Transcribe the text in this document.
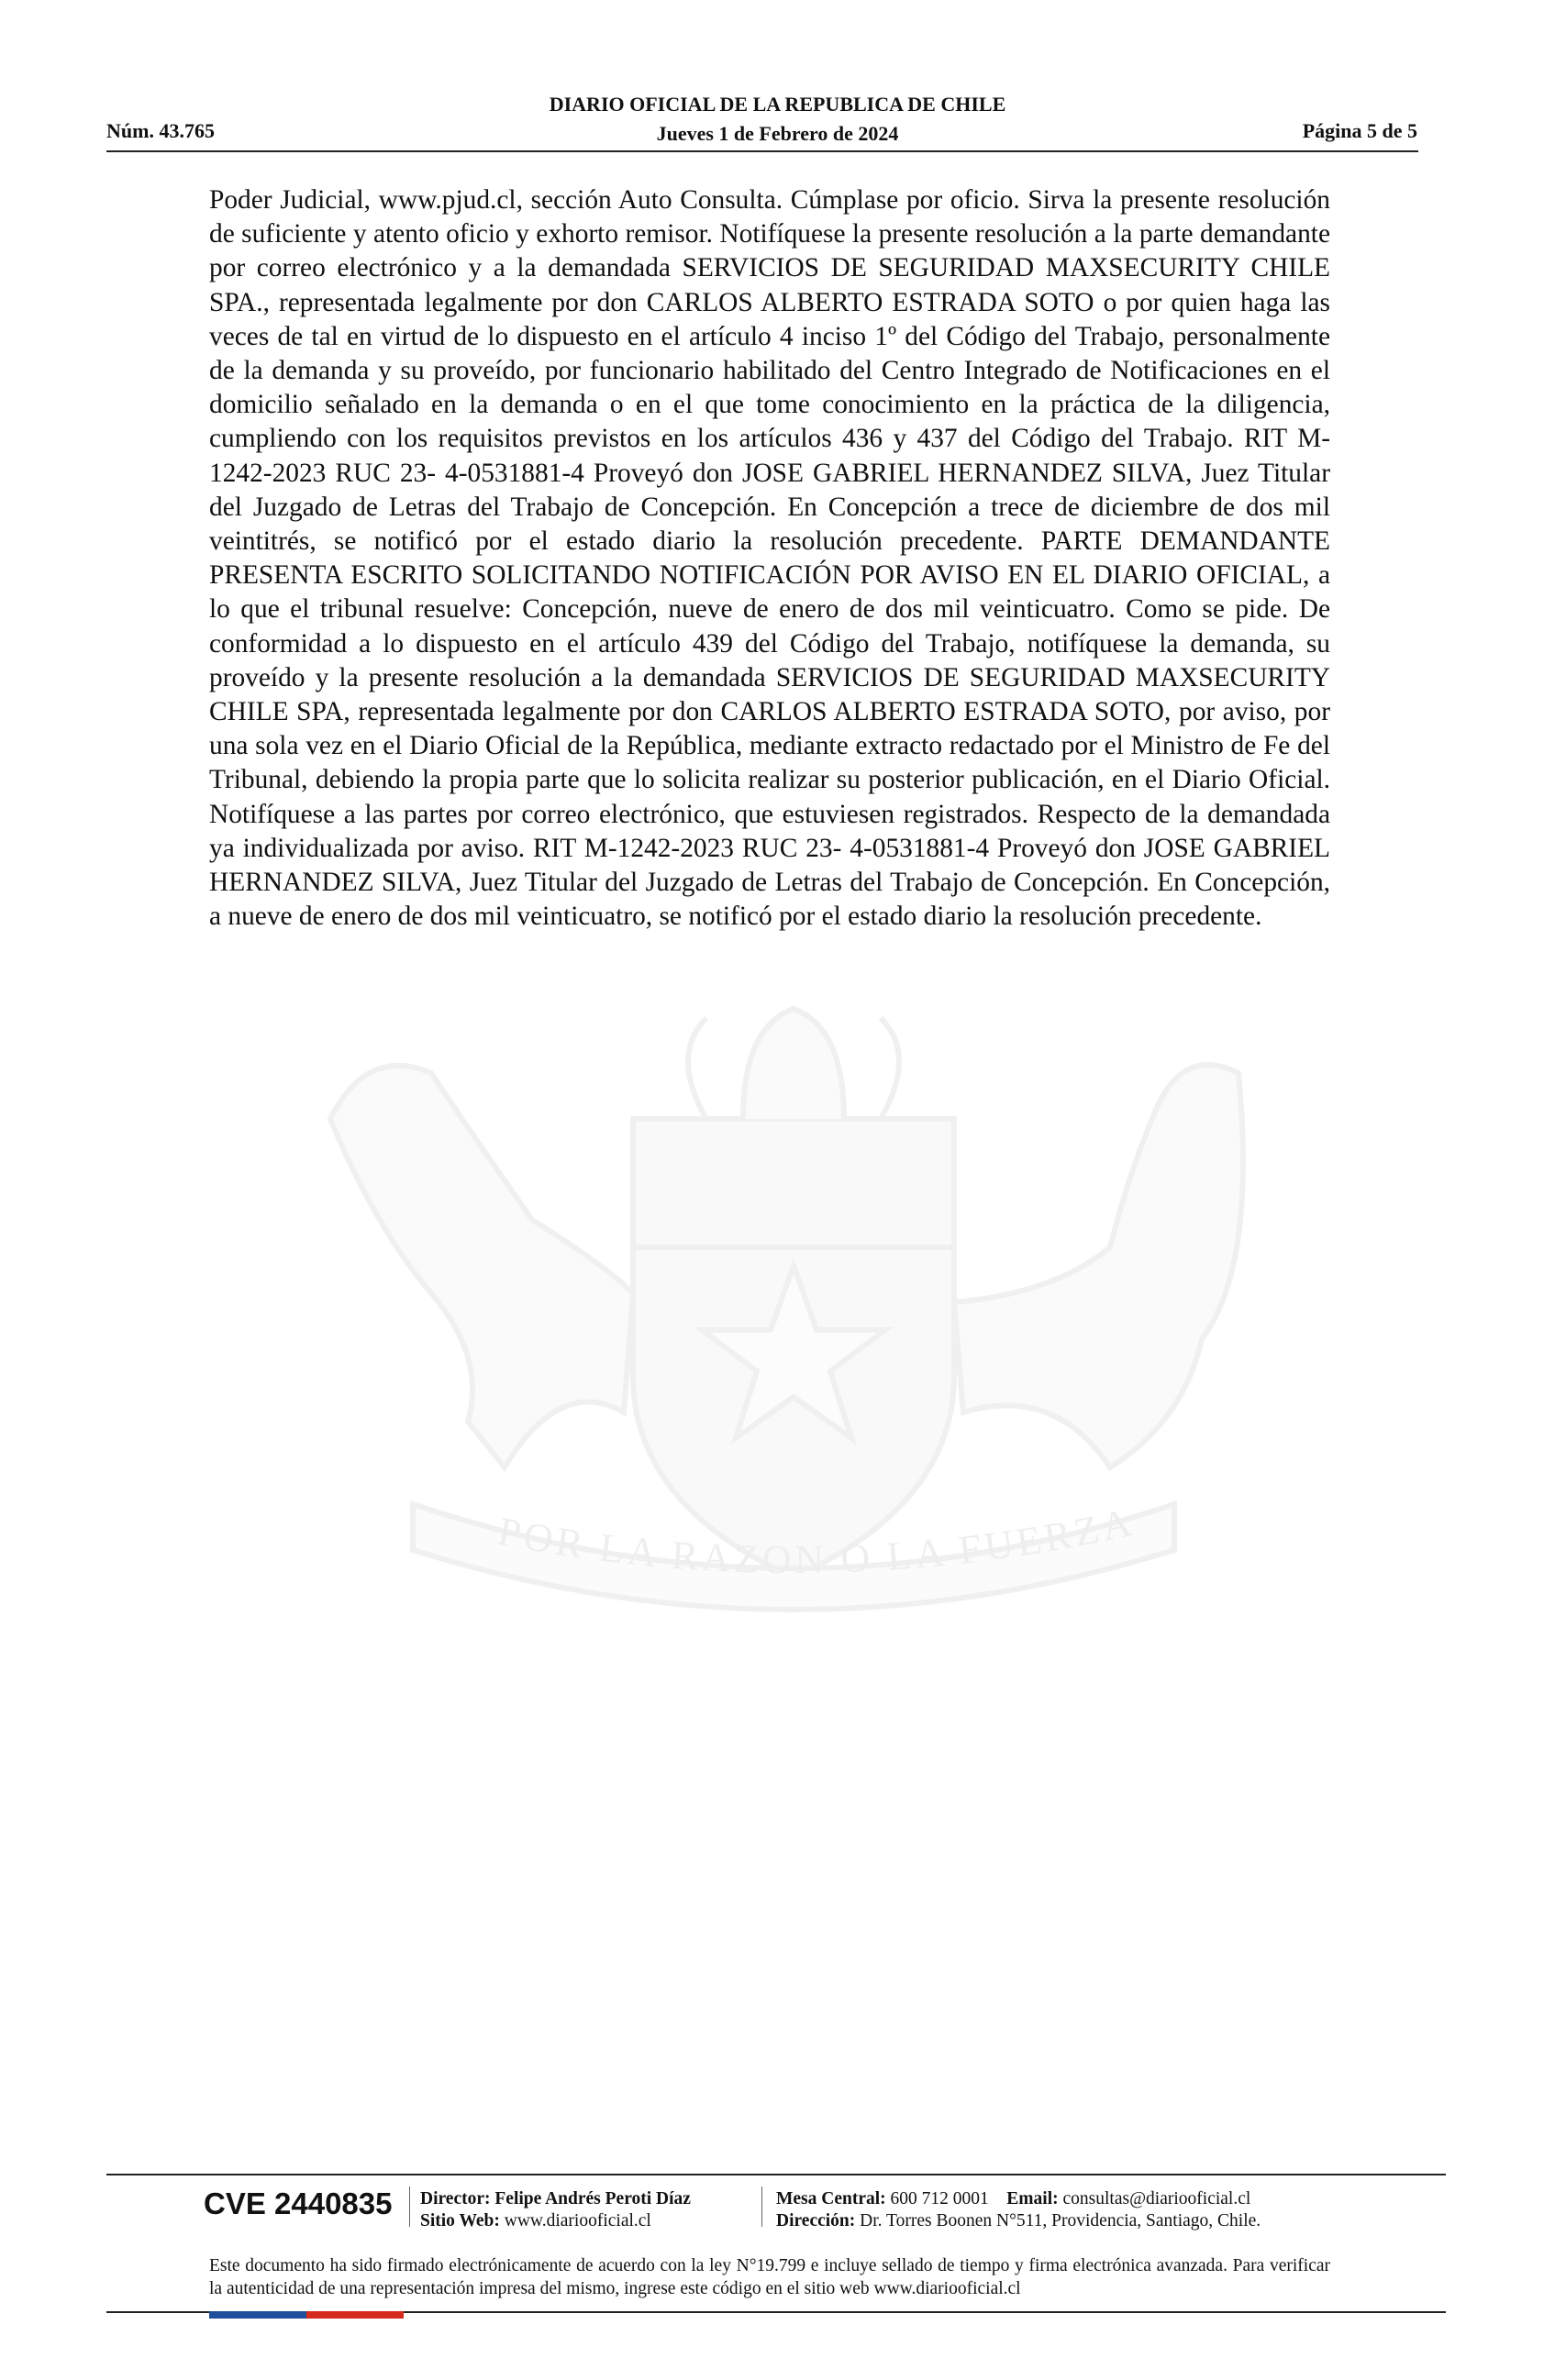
Núm. 43.765
DIARIO OFICIAL DE LA REPUBLICA DE CHILE
Jueves 1 de Febrero de 2024	Página 5 de 5
POR LA RAZON O LA FUERZA
Poder Judicial, www.pjud.cl, sección Auto Consulta. Cúmplase por oficio. Sirva la presente resolución de suficiente y atento oficio y exhorto remisor. Notifíquese la presente resolución a la parte demandante por correo electrónico y a la demandada SERVICIOS DE SEGURIDAD MAXSECURITY CHILE SPA., representada legalmente por don CARLOS ALBERTO ESTRADA SOTO o por quien haga las veces de tal en virtud de lo dispuesto en el artículo 4 inciso 1º del Código del Trabajo, personalmente de la demanda y su proveído, por funcionario habilitado del Centro Integrado de Notificaciones en el domicilio señalado en la demanda o en el que tome conocimiento en la práctica de la diligencia, cumpliendo con los requisitos previstos en los artículos 436 y 437 del Código del Trabajo. RIT M-1242-2023 RUC 23- 4-0531881-4 Proveyó don JOSE GABRIEL HERNANDEZ SILVA, Juez Titular del Juzgado de Letras del Trabajo de Concepción. En Concepción a trece de diciembre de dos mil veintitrés, se notificó por el estado diario la resolución precedente. PARTE DEMANDANTE PRESENTA ESCRITO SOLICITANDO NOTIFICACIÓN POR AVISO EN EL DIARIO OFICIAL, a lo que el tribunal resuelve: Concepción, nueve de enero de dos mil veinticuatro. Como se pide. De conformidad a lo dispuesto en el artículo 439 del Código del Trabajo, notifíquese la demanda, su proveído y la presente resolución a la demandada SERVICIOS DE SEGURIDAD MAXSECURITY CHILE SPA, representada legalmente por don CARLOS ALBERTO ESTRADA SOTO, por aviso, por una sola vez en el Diario Oficial de la República, mediante extracto redactado por el Ministro de Fe del Tribunal, debiendo la propia parte que lo solicita realizar su posterior publicación, en el Diario Oficial. Notifíquese a las partes por correo electrónico, que estuviesen registrados. Respecto de la demandada ya individualizada por aviso. RIT M-1242-2023 RUC 23- 4-0531881-4 Proveyó don JOSE GABRIEL HERNANDEZ SILVA, Juez Titular del Juzgado de Letras del Trabajo de Concepción. En Concepción, a nueve de enero de dos mil veinticuatro, se notificó por el estado diario la resolución precedente.
CVE 2440835 Director: Felipe Andrés Peroti Díaz
Sitio Web: www.diariooficial.cl
Mesa Central: 600 712 0001 Email: consultas@diariooficial.cl
Dirección: Dr. Torres Boonen N°511, Providencia, Santiago, Chile.
Este documento ha sido firmado electrónicamente de acuerdo con la ley N°19.799 e incluye sellado de tiempo y firma electrónica avanzada. Para verificar la autenticidad de una representación impresa del mismo, ingrese este código en el sitio web www.diariooficial.cl
